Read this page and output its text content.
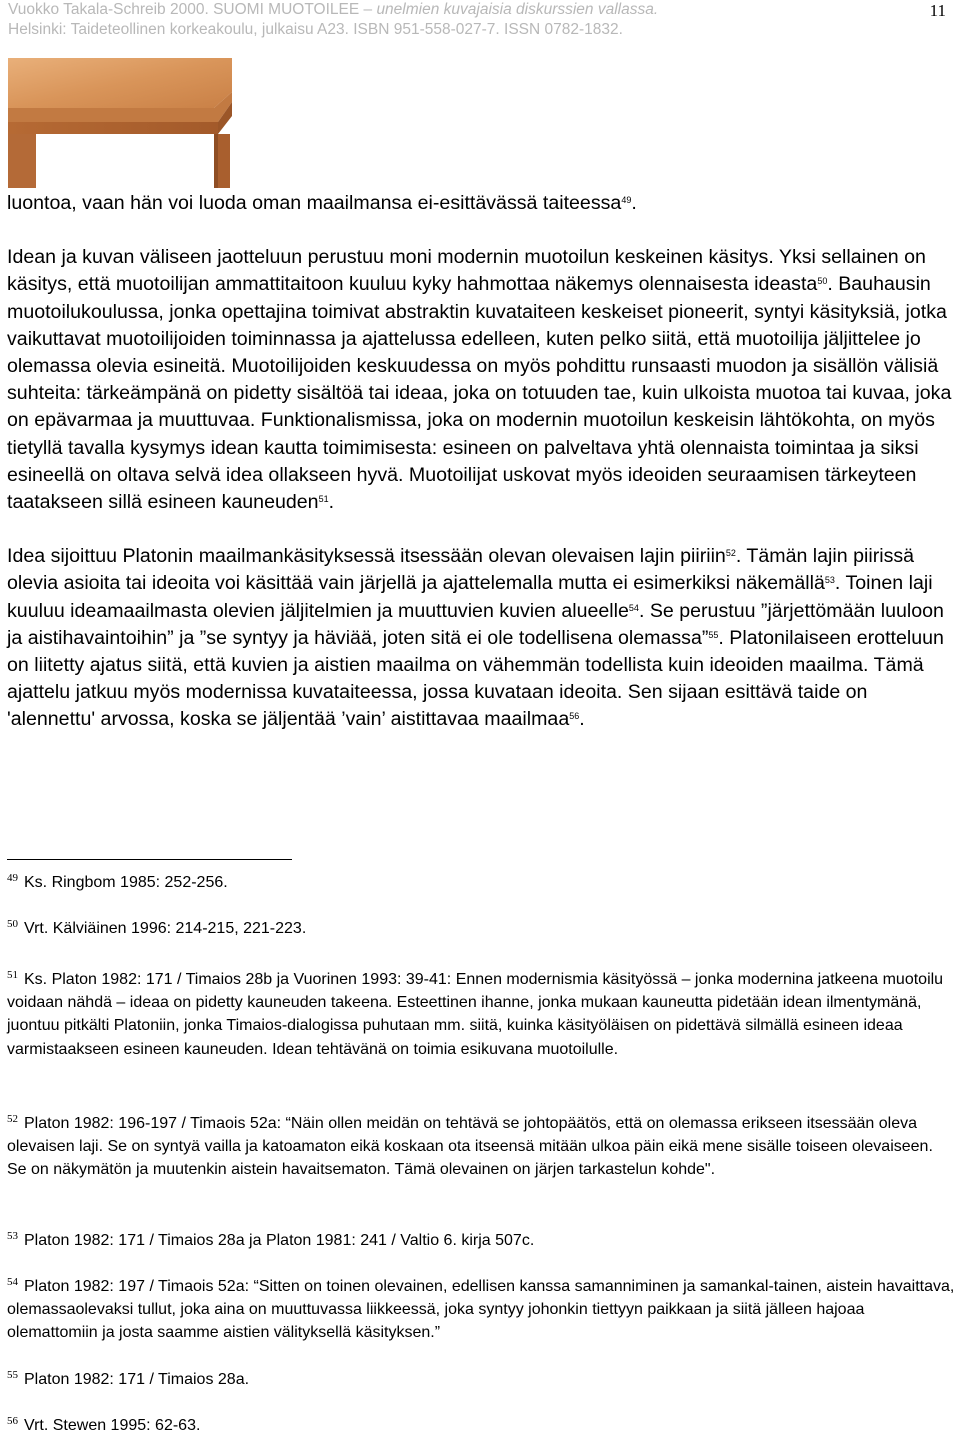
Vuokko Takala-Schreib 2000. SUOMI MUOTOILEE – unelmien kuvajaisia diskurssien vallassa.
Helsinki: Taideteollinen korkeakoulu, julkaisu A23. ISBN 951-558-027-7. ISSN 0782-1832.
11

luontoa, vaan hän voi luoda oman maailmansa ei-esittävässä taiteessa$^{49}$.

Idean ja kuvan väliseen jaotteluun perustuu moni modernin muotoilun keskeinen käsitys. Yksi sellainen on käsitys, että muotoilijan ammattitaitoon kuuluu kyky hahmottaa näkemys olennaisesta ideasta$^{50}$. Bauhausin muotoilukoulussa, jonka opettajina toimivat abstraktin kuvataiteen keskeiset pioneerit, syntyi käsityksiä, jotka vaikuttavat muotoilijoiden toiminnassa ja ajattelussa edelleen, kuten pelko siitä, että muotoilija jäljittelee jo olemassa olevia esineitä. Muotoilijoiden keskuudessa on myös pohdittu runsaasti muodon ja sisällön välisiä suhteita: tärkeämpänä on pidetty sisältöä tai ideaa, joka on totuuden tae, kuin ulkoista muotoa tai kuvaa, joka on epävarmaa ja muuttuvaa. Funktionalismissa, joka on modernin muotoilun keskeisin lähtökohta, on myös tietyllä tavalla kysymys idean kautta toimimisesta: esineen on palveltava yhtä olennaista toimintaa ja siksi esineellä on oltava selvä idea ollakseen hyvä. Muotoilijat uskovat myös ideoiden seuraamisen tärkeyteen taatakseen sillä esineen kauneuden$^{51}$.

Idea sijoittuu Platonin maailmankäsityksessä itsessään olevan olevaisen lajin piiriin$^{52}$. Tämän lajin piirissä olevia asioita tai ideoita voi käsittää vain järjellä ja ajattelemalla mutta ei esimerkiksi näkemällä$^{53}$. Toinen laji kuuluu ideamaailmasta olevien jäljitelmien ja muuttuvien kuvien alueelle$^{54}$. Se perustuu ”järjettömään luuloon ja aistihavaintoihin” ja ”se syntyy ja häviää, joten sitä ei ole todellisena olemassa”$^{55}$. Platonilaiseen erotteluun on liitetty ajatus siitä, että kuvien ja aistien maailma on vähemmän todellista kuin ideoiden maailma. Tämä ajattelu jatkuu myös modernissa kuvataiteessa, jossa kuvataan ideoita. Sen sijaan esittävä taide on 'alennettu' arvossa, koska se jäljentää ’vain’ aistittavaa maailmaa$^{56}$.

$^{49}$ Ks. Ringbom 1985: 252-256.
$^{50}$ Vrt. Kälviäinen 1996: 214-215, 221-223.
$^{51}$ Ks. Platon 1982: 171 / Timaios 28b ja Vuorinen 1993: 39-41: Ennen modernismia käsityössä – jonka modernina jatkeena muotoilu voidaan nähdä – ideaa on pidetty kauneuden takeena. Esteettinen ihanne, jonka mukaan kauneutta pidetään idean ilmentymänä, juontuu pitkälti Platoniin, jonka Timaios-dialogissa puhutaan mm. siitä, kuinka käsityöläisen on pidettävä silmällä esineen ideaa varmistaakseen esineen kauneuden. Idean tehtävänä on toimia esikuvana muotoilulle.
$^{52}$ Platon 1982: 196-197 / Timaois 52a: “Näin ollen meidän on tehtävä se johtopäätös, että on olemassa erikseen itsessään oleva olevaisen laji. Se on syntyä vailla ja katoamaton eikä koskaan ota itseensä mitään ulkoa päin eikä mene sisälle toiseen olevaiseen. Se on näkymätön ja muutenkin aistein havaitsematon. Tämä olevainen on järjen tarkastelun kohde".
$^{53}$ Platon 1982: 171 / Timaios 28a ja Platon 1981: 241 / Valtio 6. kirja 507c.
$^{54}$ Platon 1982: 197 / Timaois 52a: “Sitten on toinen olevainen, edellisen kanssa samanniminen ja samankal-tainen, aistein havaittava, olemassaolevaksi tullut, joka aina on muuttuvassa liikkeessä, joka syntyy johonkin tiettyyn paikkaan ja siitä jälleen hajoaa olemattomiin ja josta saamme aistien välityksellä käsityksen.”
$^{55}$ Platon 1982: 171 / Timaios 28a.
$^{56}$ Vrt. Stewen 1995: 62-63.
